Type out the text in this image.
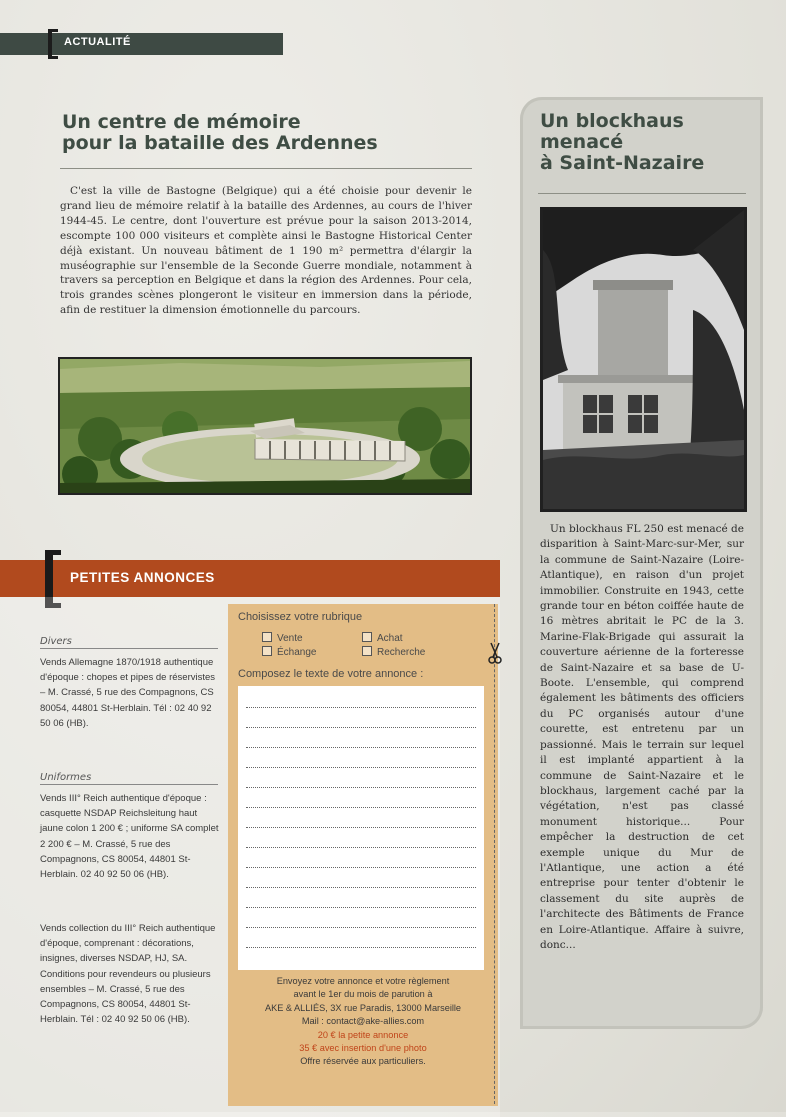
ACTUALITÉ
Un centre de mémoire
pour la bataille des Ardennes
C'est la ville de Bastogne (Belgique) qui a été choisie pour devenir le grand lieu de mémoire relatif à la bataille des Ardennes, au cours de l'hiver 1944-45. Le centre, dont l'ouverture est prévue pour la saison 2013-2014, escompte 100 000 visiteurs et complète ainsi le Bastogne Historical Center déjà existant. Un nouveau bâtiment de 1 190 m² permettra d'élargir la muséographie sur l'ensemble de la Seconde Guerre mondiale, notamment à travers sa perception en Belgique et dans la région des Ardennes. Pour cela, trois grandes scènes plongeront le visiteur en immersion dans la période, afin de restituer la dimension émotionnelle du parcours.
Un blockhaus
menacé
à Saint-Nazaire
Un blockhaus FL 250 est menacé de disparition à Saint-Marc-sur-Mer, sur la commune de Saint-Nazaire (Loire-Atlantique), en raison d'un projet immobilier. Construite en 1943, cette grande tour en béton coiffée haute de 16 mètres abritait le PC de la 3. Marine-Flak-Brigade qui assurait la couverture aérienne de la forteresse de Saint-Nazaire et sa base de U-Boote. L'ensemble, qui comprend également les bâtiments des officiers du PC organisés autour d'une courette, est entretenu par un passionné. Mais le terrain sur lequel il est implanté appartient à la commune de Saint-Nazaire et le blockhaus, largement caché par la végétation, n'est pas classé monument historique... Pour empêcher la destruction de cet exemple unique du Mur de l'Atlantique, une action a été entreprise pour tenter d'obtenir le classement du site auprès de l'architecte des Bâtiments de France en Loire-Atlantique. Affaire à suivre, donc...
PETITES ANNONCES
Divers
Vends Allemagne 1870/1918 authentique d'époque : chopes et pipes de réservistes – M. Crassé, 5 rue des Compagnons, CS 80054, 44801 St-Herblain. Tél : 02 40 92 50 06 (HB).
Uniformes
Vends III° Reich authentique d'époque : casquette NSDAP Reichsleitung haut jaune colon 1 200 € ; uniforme SA complet 2 200 € – M. Crassé, 5 rue des Compagnons, CS 80054, 44801 St-Herblain. 02 40 92 50 06 (HB).
Vends collection du III° Reich authentique d'époque, comprenant : décorations, insignes, diverses NSDAP, HJ, SA. Conditions pour revendeurs ou plusieurs ensembles – M. Crassé, 5 rue des Compagnons, CS 80054, 44801 St-Herblain. Tél : 02 40 92 50 06 (HB).
Choisissez votre rubrique
Vente	Achat
Échange	Recherche
Composez le texte de votre annonce :
Envoyez votre annonce et votre règlement
avant le 1er du mois de parution à
AKE & ALLIÉS, 3X rue Paradis, 13000 Marseille
Mail : contact@ake-allies.com
20 € la petite annonce
35 € avec insertion d'une photo
Offre réservée aux particuliers.
